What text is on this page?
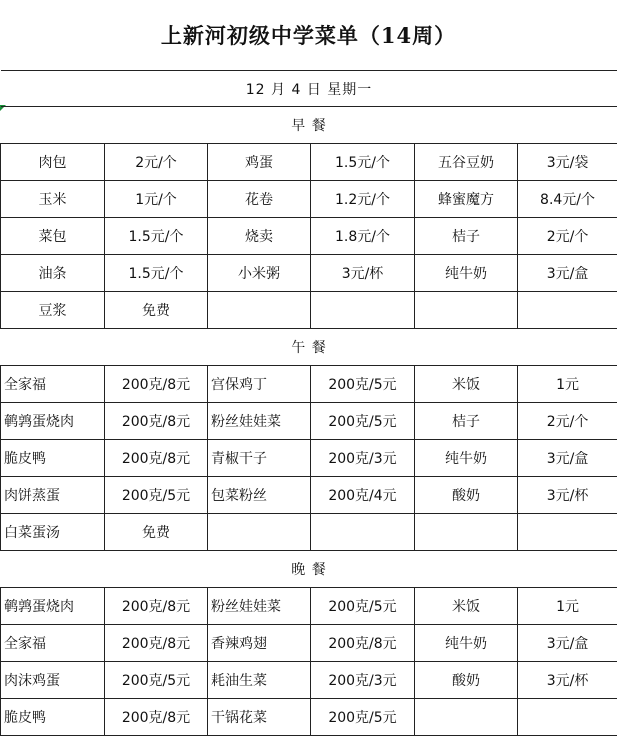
上新河初级中学菜单（14周）
12 月 4 日 星期一					
早 餐					
肉包	2元/个	鸡蛋	1.5元/个	五谷豆奶	3元/袋
玉米	1元/个	花卷	1.2元/个	蜂蜜魔方	8.4元/个
菜包	1.5元/个	烧卖	1.8元/个	桔子	2元/个
油条	1.5元/个	小米粥	3元/杯	纯牛奶	3元/盒
豆浆	免费				
午 餐					
全家福	200克/8元	宫保鸡丁	200克/5元	米饭	1元
鹌鹑蛋烧肉	200克/8元	粉丝娃娃菜	200克/5元	桔子	2元/个
脆皮鸭	200克/8元	青椒干子	200克/3元	纯牛奶	3元/盒
肉饼蒸蛋	200克/5元	包菜粉丝	200克/4元	酸奶	3元/杯
白菜蛋汤	免费				
晚 餐					
鹌鹑蛋烧肉	200克/8元	粉丝娃娃菜	200克/5元	米饭	1元
全家福	200克/8元	香辣鸡翅	200克/8元	纯牛奶	3元/盒
肉沫鸡蛋	200克/5元	耗油生菜	200克/3元	酸奶	3元/杯
脆皮鸭	200克/8元	干锅花菜	200克/5元		
